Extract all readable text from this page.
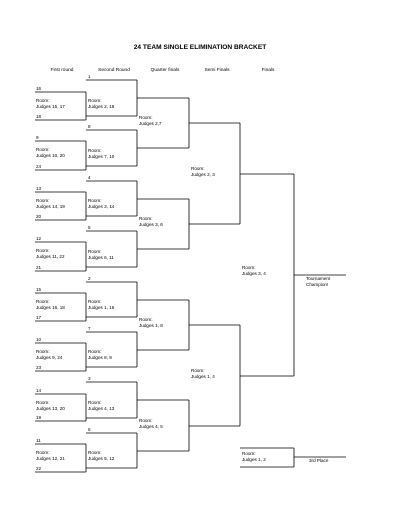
24 TEAM SINGLE ELIMINATION BRACKET
First round	Second Round	Quarter finals	Semi Finals	Finals
16
Room:
Judges 15, 17
18
1
Room:
Judges 2, 16
9
Room:
Judges 10, 20
24
8
Room:
Judges 7, 10
13
Room:
Judges 14, 19
20
4
Room:
Judges 3, 14
12
Room:
Judges 11, 22
21
5
Room:
Judges 6, 11
15
Room:
Judges 16, 18
17
2
Room:
Judges 1, 16
10
Room:
Judges 9, 24
23
7
Room:
Judges 8, 9
14
Room:
Judges 13, 20
19
3
Room:
Judges 4, 13
11
Room:
Judges 12, 21
22
6
Room:
Judges 5, 12
Room:
Judges 2,7
Room:
Judges 3, 6
Room:
Judges 1, 8
Room:
Judges 4, 5
Room:
Judges 2, 3
Room:
Judges 1, 4
Room:
Judges 3, 4
Tournament
Champion!
Room:
Judges 1, 2	3rd Place
